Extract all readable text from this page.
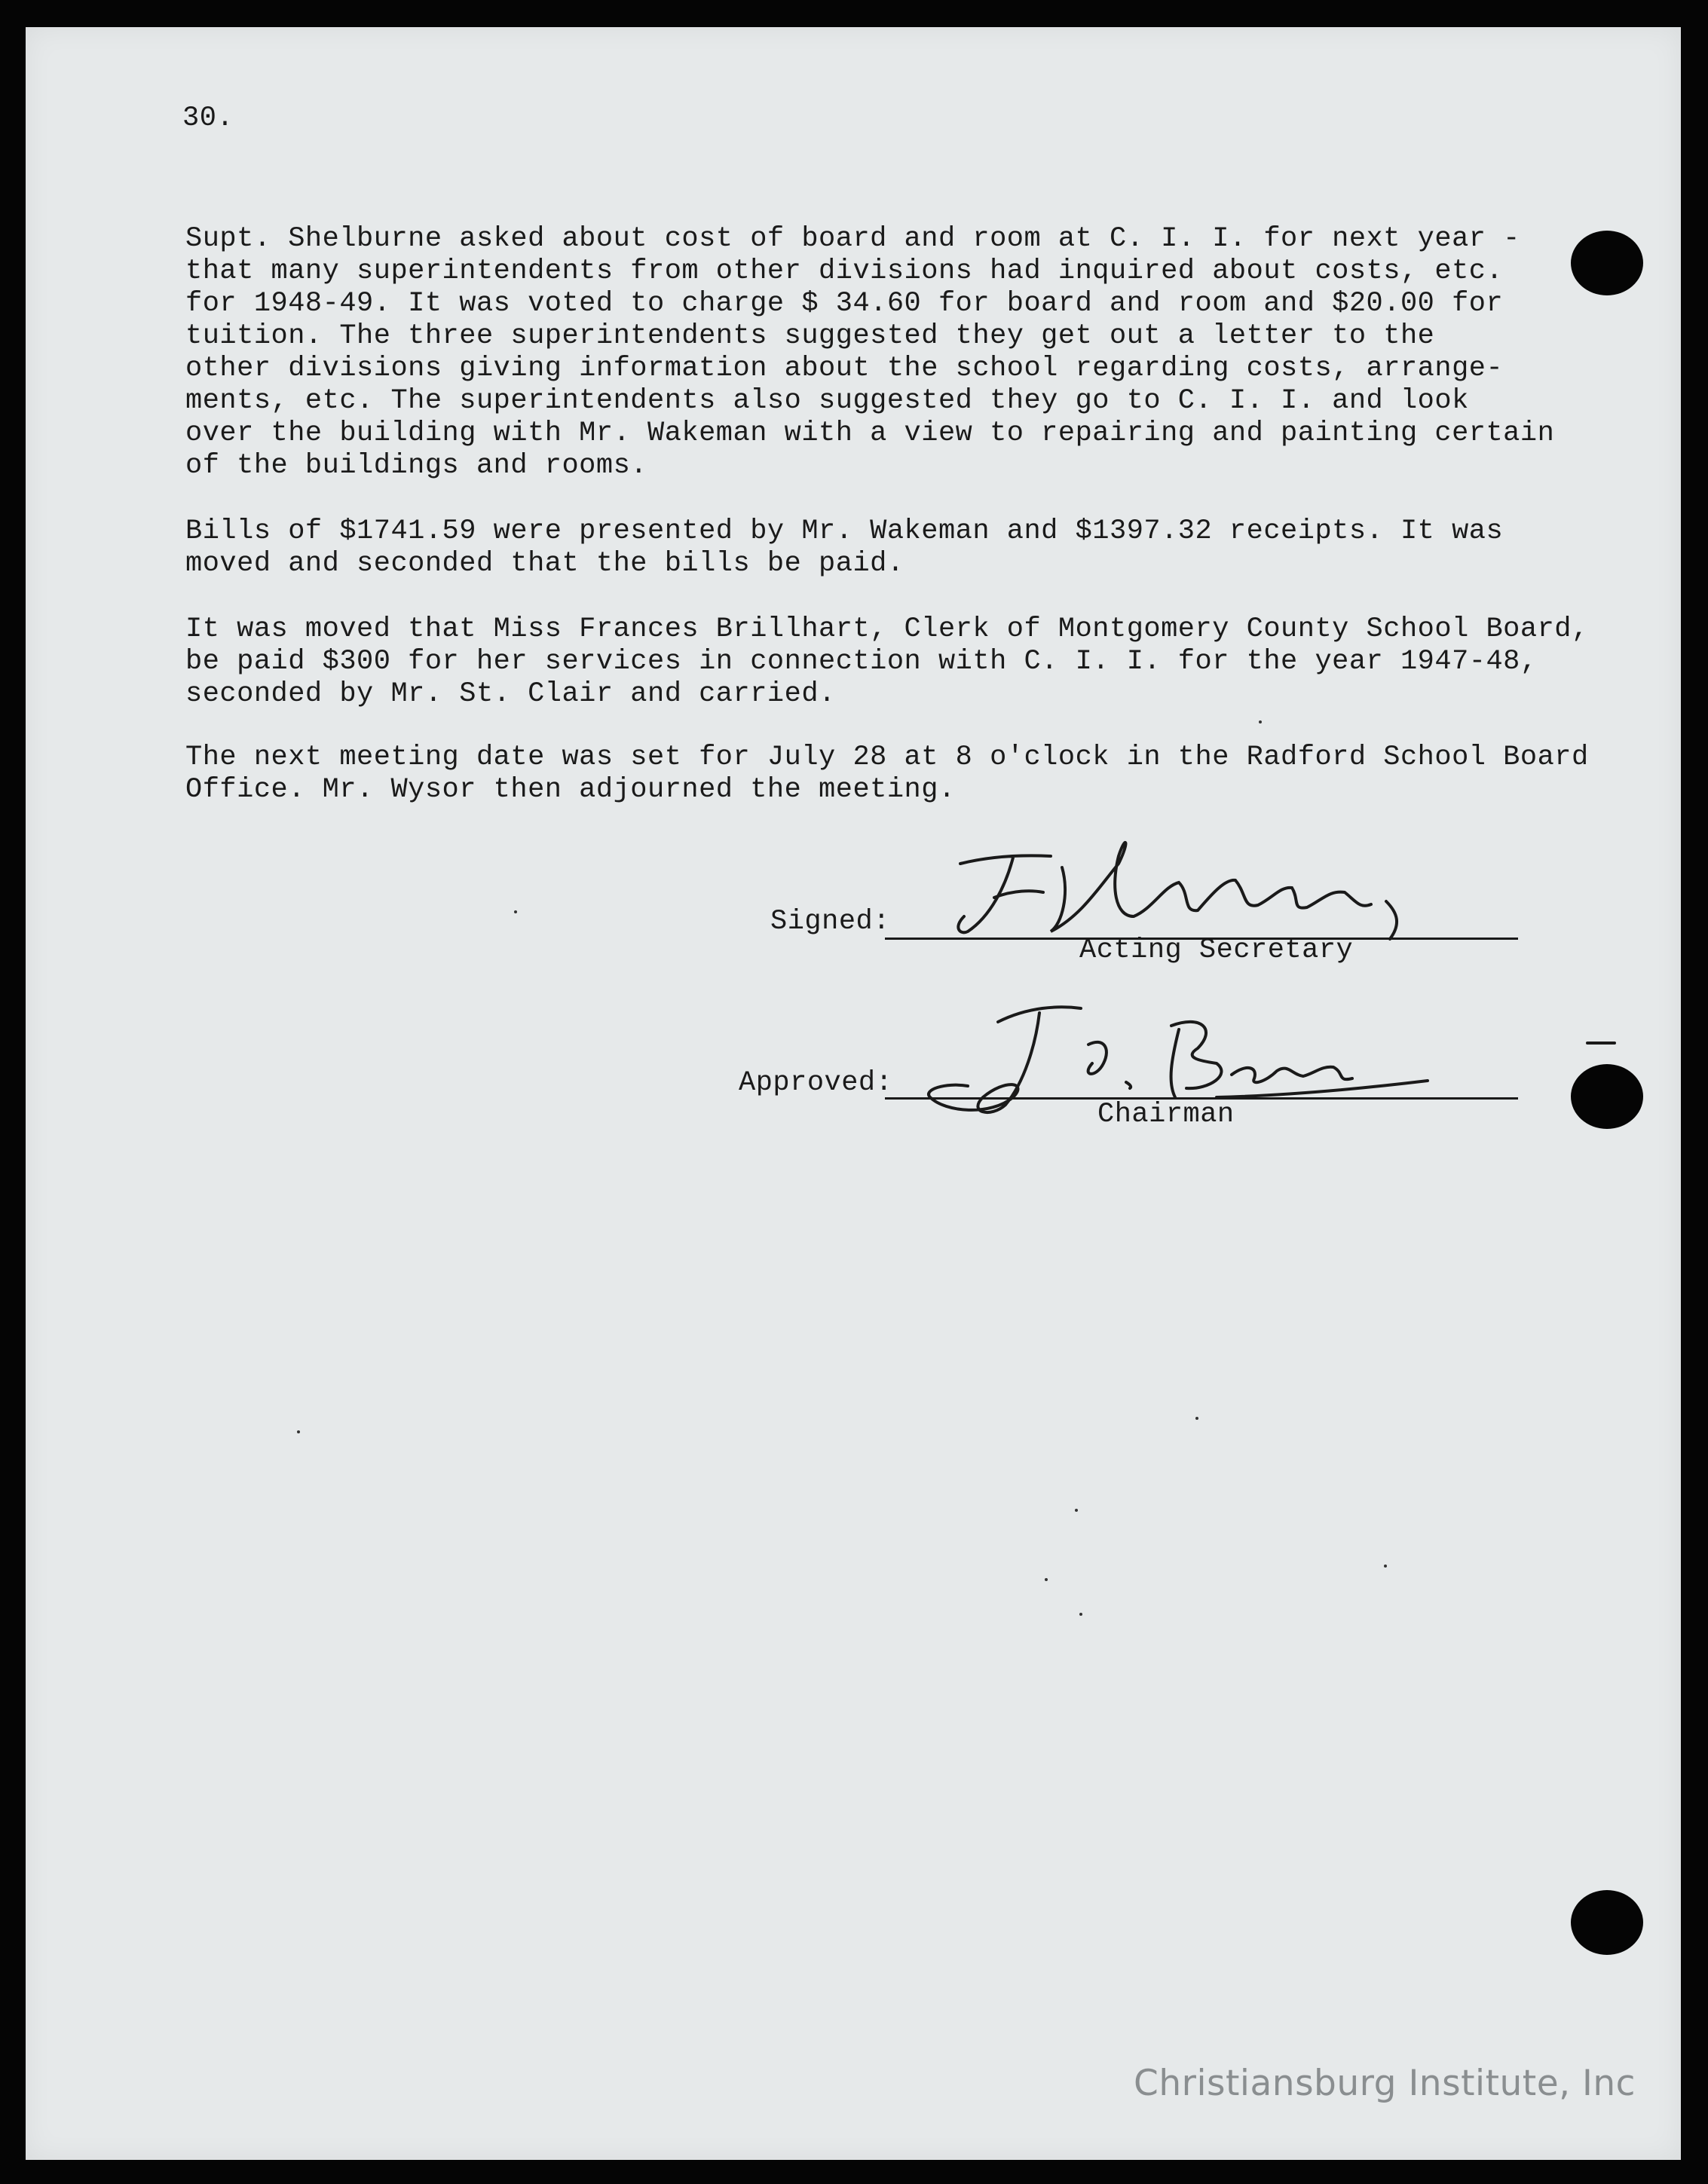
30.
Supt. Shelburne asked about cost of board and room at C. I. I. for next year -
that many superintendents from other divisions had inquired about costs, etc.
for 1948-49. It was voted to charge $ 34.60 for board and room and $20.00 for
tuition. The three superintendents suggested they get out a letter to the
other divisions giving information about the school regarding costs, arrange-
ments, etc. The superintendents also suggested they go to C. I. I. and look
over the building with Mr. Wakeman with a view to repairing and painting certain
of the buildings and rooms.
Bills of $1741.59 were presented by Mr. Wakeman and $1397.32 receipts. It was
moved and seconded that the bills be paid.
It was moved that Miss Frances Brillhart, Clerk of Montgomery County School Board,
be paid $300 for her services in connection with C. I. I. for the year 1947-48,
seconded by Mr. St. Clair and carried.
The next meeting date was set for July 28 at 8 o'clock in the Radford School Board
Office. Mr. Wysor then adjourned the meeting.
Signed:
Acting Secretary
Approved:
Chairman
Christiansburg Institute, Inc
